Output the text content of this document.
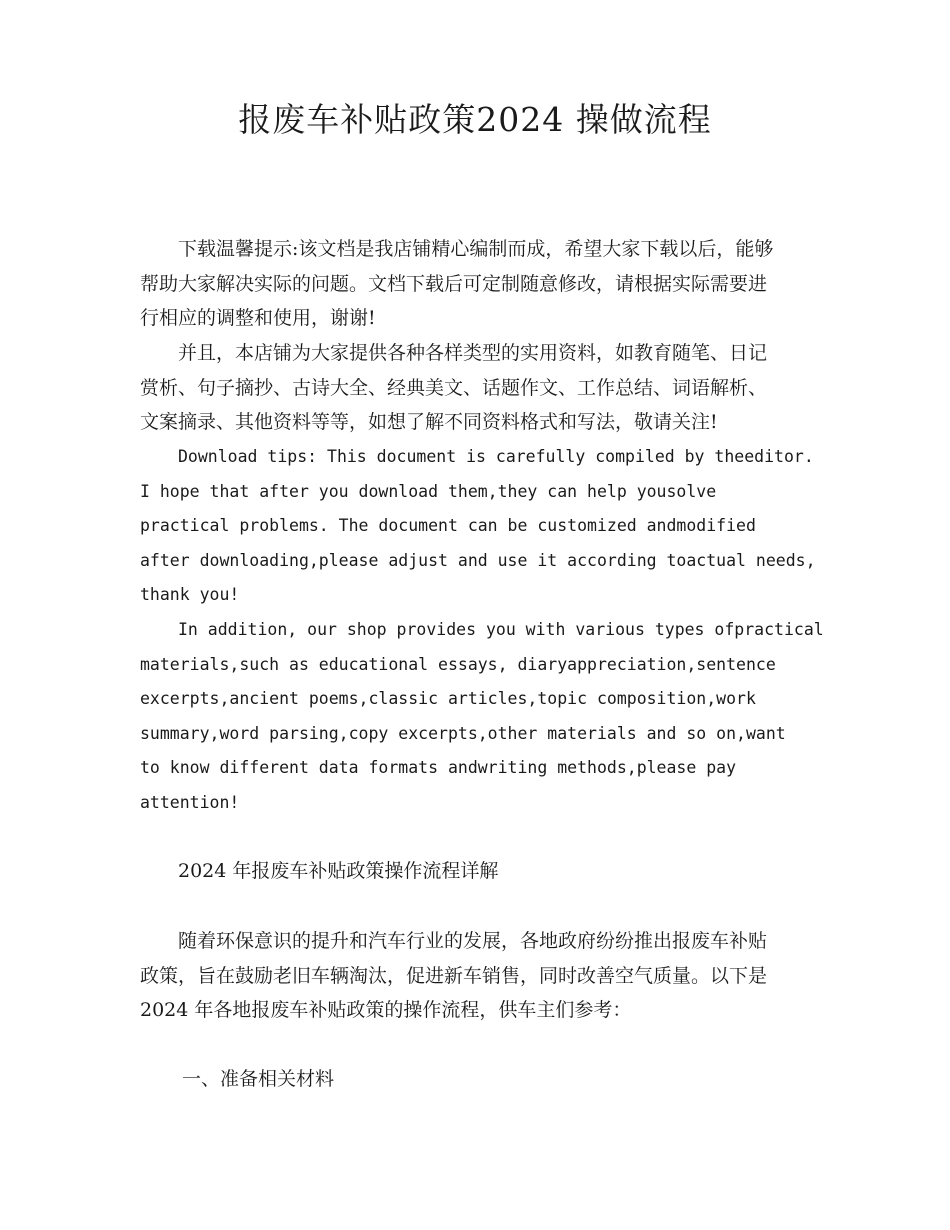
报废车补贴政策2024 操做流程
下载温馨提示:该文档是我店铺精心编制而成，希望大家下载以后，能够
帮助大家解决实际的问题。文档下载后可定制随意修改，请根据实际需要进
行相应的调整和使用，谢谢!
并且，本店铺为大家提供各种各样类型的实用资料，如教育随笔、日记
赏析、句子摘抄、古诗大全、经典美文、话题作文、工作总结、词语解析、
文案摘录、其他资料等等，如想了解不同资料格式和写法，敬请关注!
Download tips: This document is carefully compiled by theeditor.
I hope that after you download them,they can help yousolve
practical problems. The document can be customized andmodified
after downloading,please adjust and use it according toactual needs,
thank you!
In addition, our shop provides you with various types ofpractical
materials,such as educational essays, diaryappreciation,sentence
excerpts,ancient poems,classic articles,topic composition,work
summary,word parsing,copy excerpts,other materials and so on,want
to know different data formats andwriting methods,please pay
attention!
2024 年报废车补贴政策操作流程详解
随着环保意识的提升和汽车行业的发展，各地政府纷纷推出报废车补贴
政策，旨在鼓励老旧车辆淘汰，促进新车销售，同时改善空气质量。以下是
2024 年各地报废车补贴政策的操作流程，供车主们参考：
一、准备相关材料
